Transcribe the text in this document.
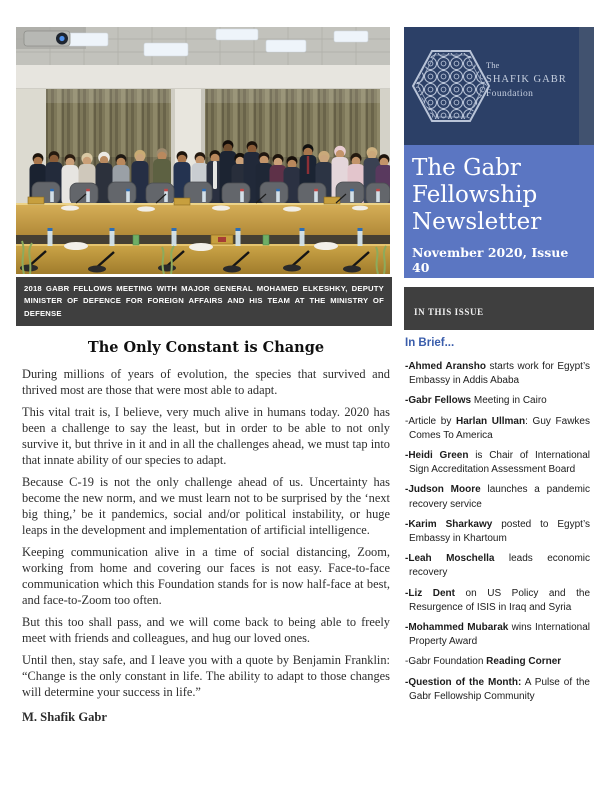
2018 GABR FELLOWS MEETING WITH MAJOR GENERAL MOHAMED ELKESHKY, DEPUTY MINISTER OF DEFENCE FOR FOREIGN AFFAIRS AND HIS TEAM AT THE MINISTRY OF DEFENSE
The Only Constant is Change

During millions of years of evolution, the species that survived and thrived most are those that were most able to adapt.

This vital trait is, I believe, very much alive in humans today. 2020 has been a challenge to say the least, but in order to be able to not only survive it, but thrive in it and in all the challenges ahead, we must tap into that innate ability of our species to adapt.

Because C-19 is not the only challenge ahead of us. Uncertainty has become the new norm, and we must learn not to be surprised by the ‘next big thing,’ be it pandemics, social and/or political instability, or huge leaps in the development and implementation of artificial intelligence.

Keeping communication alive in a time of social distancing, Zoom, working from home and covering our faces is not easy. Face-to-face communication which this Foundation stands for is now half-face at best, and face-to-Zoom too often.

But this too shall pass, and we will come back to being able to freely meet with friends and colleagues, and hug our loved ones.

Until then, stay safe, and I leave you with a quote by Benjamin Franklin: “Change is the only constant in life. The ability to adapt to those changes will determine your success in life.”

M. Shafik Gabr
The
SHAFIK GABR
Foundation
The Gabr Fellowship Newsletter
November 2020, Issue 40
IN THIS ISSUE
In Brief...
-Ahmed Aransho starts work for Egypt’s Embassy in Addis Ababa
-Gabr Fellows Meeting in Cairo
-Article by Harlan Ullman: Guy Fawkes Comes To America
-Heidi Green is Chair of International Sign Accreditation Assessment Board
-Judson Moore launches a pandemic recovery service
-Karim Sharkawy posted to Egypt’s Embassy in Khartoum
-Leah Moschella leads economic recovery
-Liz Dent on US Policy and the Resurgence of ISIS in Iraq and Syria
-Mohammed Mubarak wins International Property Award
-Gabr Foundation Reading Corner
-Question of the Month: A Pulse of the Gabr Fellowship Community
